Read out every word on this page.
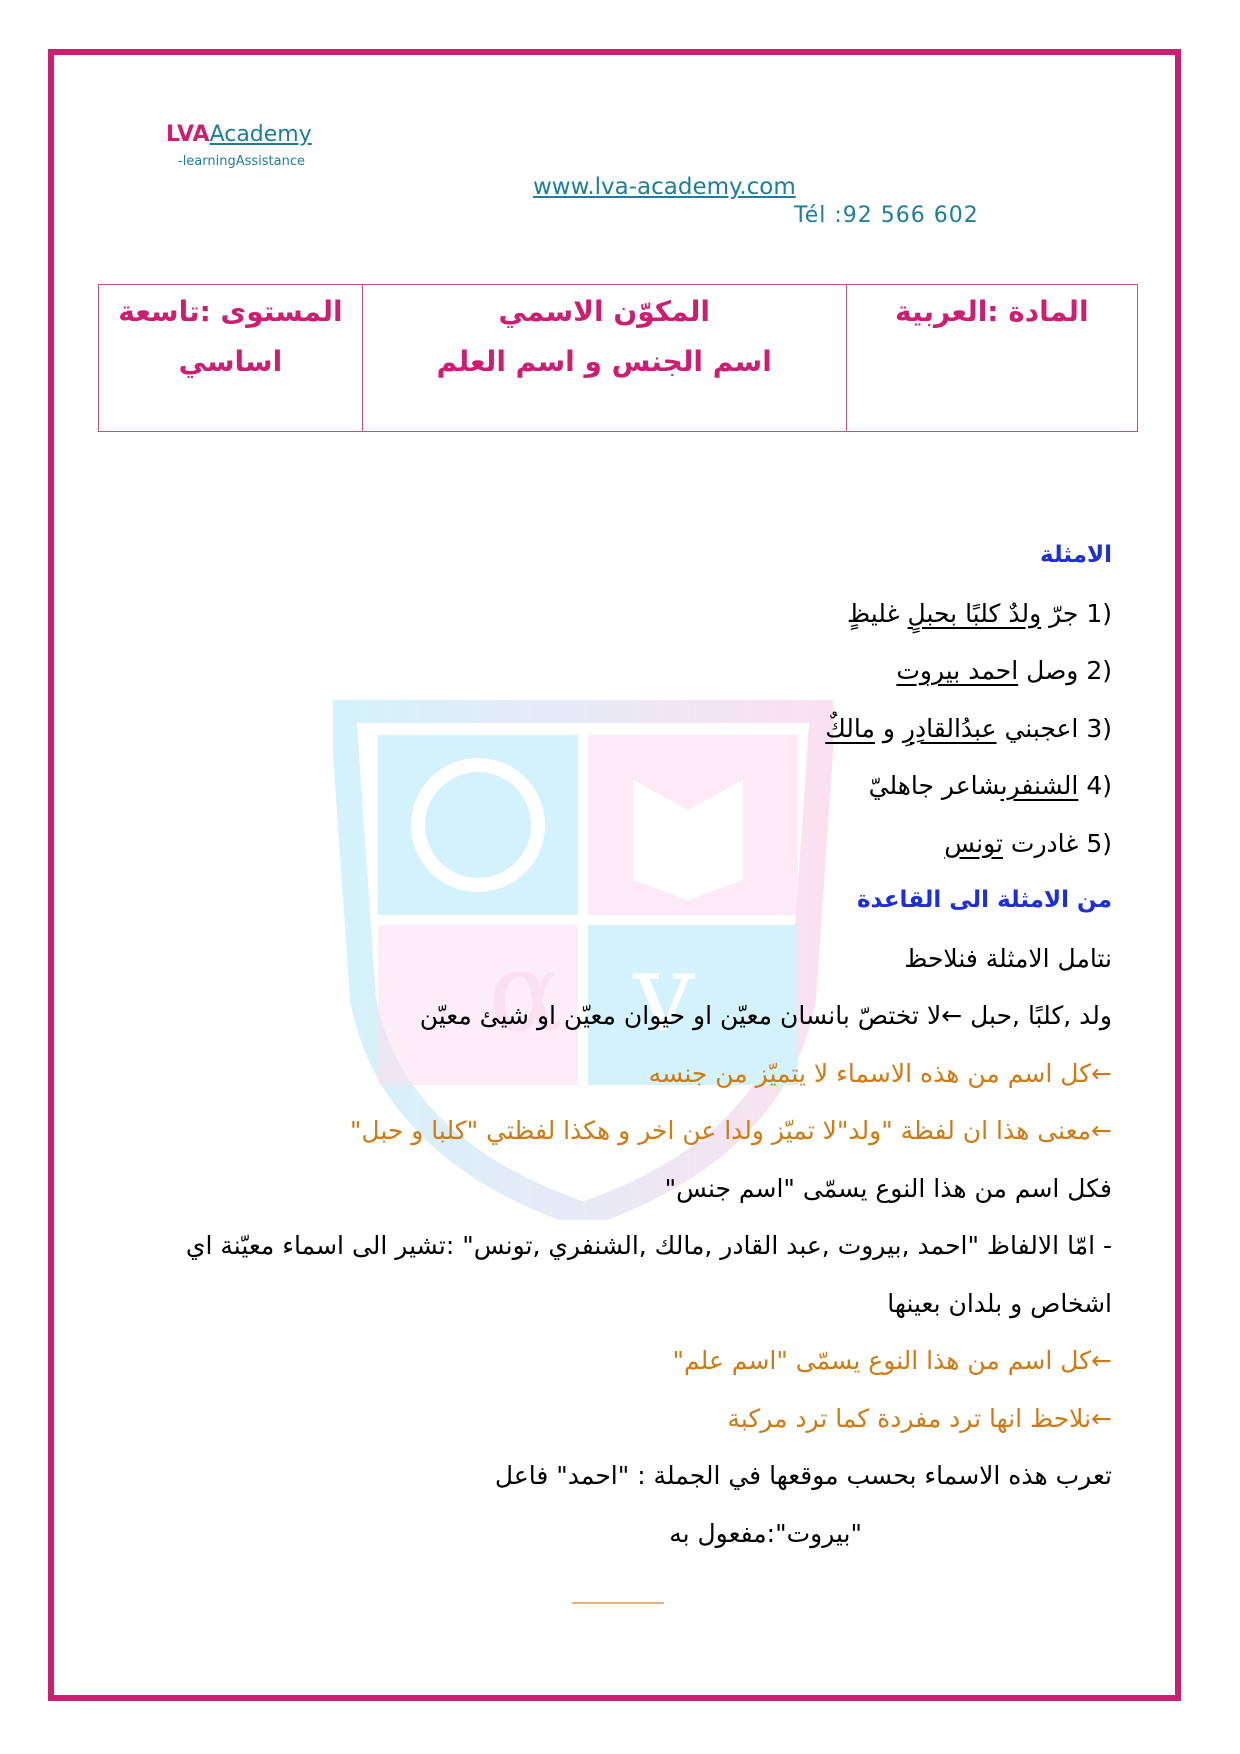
LVAAcademy
-learningAssistance
www.lva-academy.com
Tél :92 566 602
المادة :العربية

المكوّن الاسمي
اسم الجنس و اسم العلم

المستوى :تاسعة
اساسي
α v
الامثلة
1) جرّ ولدٌ كلبًا بحبلٍ غليظٍ
2) وصل احمد بيروت
3) اعجبني عبدُالقادِرِ و مالكٌ
4) الشنفرىشاعر جاهليّ
5) غادرت تونس
من الامثلة الى القاعدة
نتامل الامثلة فنلاحظ
ولد ,كلبًا ,حبل ←لا تختصّ بانسان معيّن او حيوان معيّن او شيئ معيّن
←كل اسم من هذه الاسماء لا يتميّز من جنسه
←معنى هذا ان لفظة "ولد"لا تميّز ولدا عن اخر و هكذا لفظتي "كلبا و حبل"
فكل اسم من هذا النوع يسمّى "اسم جنس"
- امّا الالفاظ "احمد ,بيروت ,عبد القادر ,مالك ,الشنفري ,تونس" :تشير الى اسماء معيّنة اي اشخاص و بلدان بعينها
←كل اسم من هذا النوع يسمّى "اسم علم"
←نلاحظ انها ترد مفردة كما ترد مركبة
تعرب هذه الاسماء بحسب موقعها في الجملة : "احمد" فاعل
"بيروت":مفعول به
